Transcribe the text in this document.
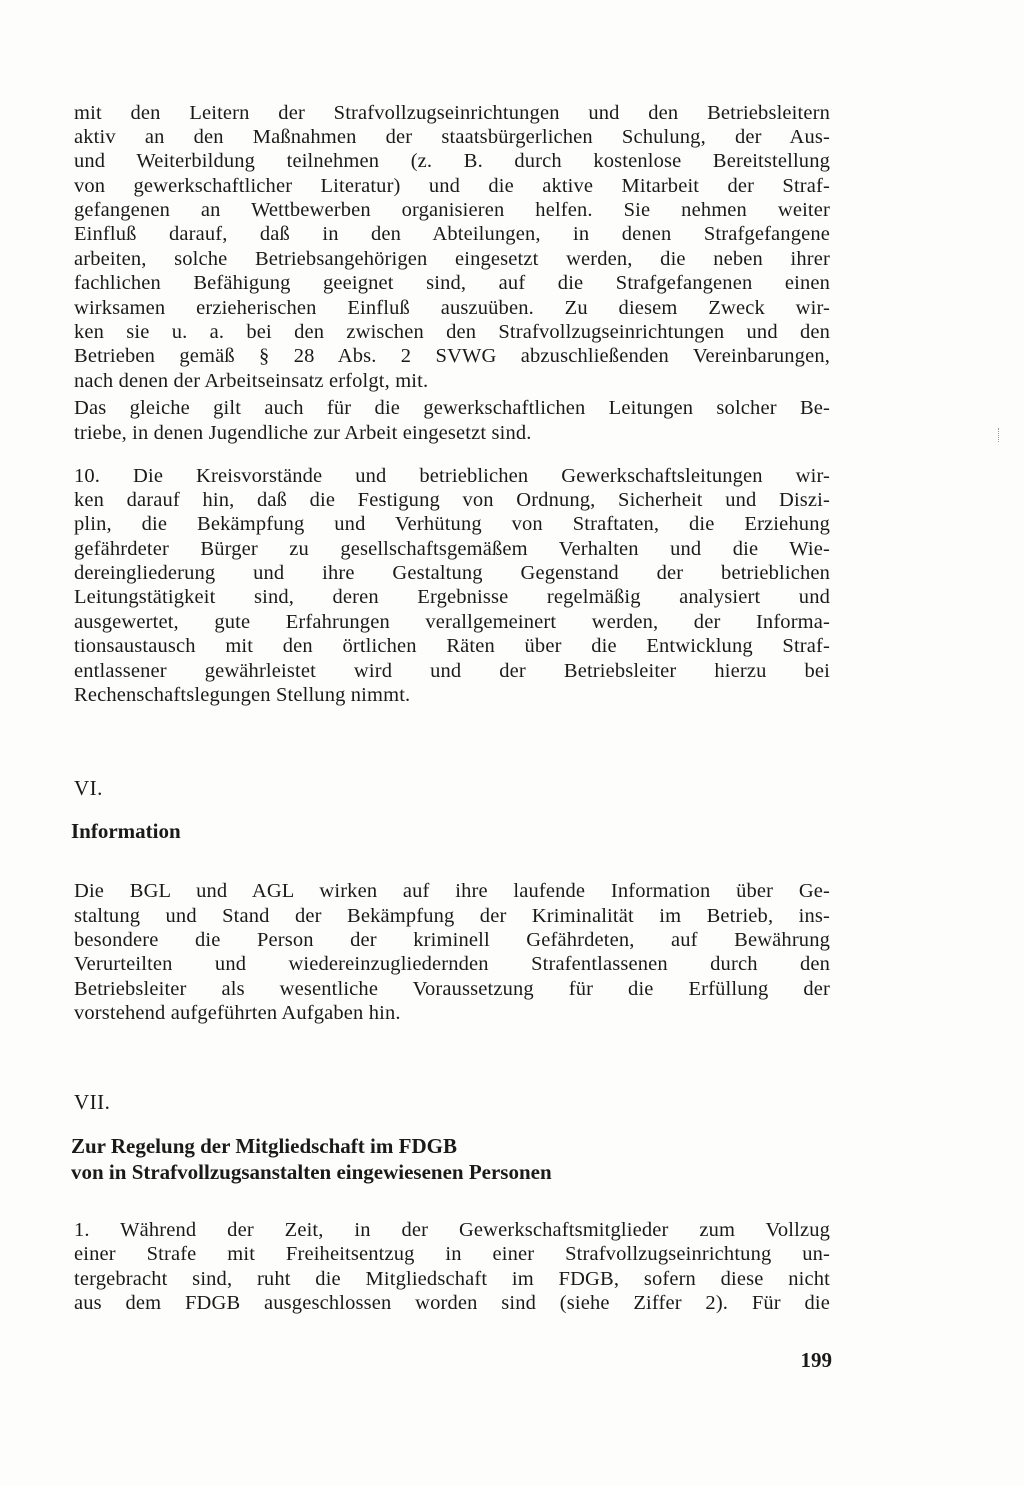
mit den Leitern der Strafvollzugseinrichtungen und den Betriebsleitern
aktiv an den Maßnahmen der staatsbürgerlichen Schulung, der Aus-
und Weiterbildung teilnehmen (z. B. durch kostenlose Bereitstellung
von gewerkschaftlicher Literatur) und die aktive Mitarbeit der Straf-
gefangenen an Wettbewerben organisieren helfen. Sie nehmen weiter
Einfluß darauf, daß in den Abteilungen, in denen Strafgefangene
arbeiten, solche Betriebsangehörigen eingesetzt werden, die neben ihrer
fachlichen Befähigung geeignet sind, auf die Strafgefangenen einen
wirksamen erzieherischen Einfluß auszuüben. Zu diesem Zweck wir-
ken sie u. a. bei den zwischen den Strafvollzugseinrichtungen und den
Betrieben gemäß § 28 Abs. 2 SVWG abzuschließenden Vereinbarungen,
nach denen der Arbeitseinsatz erfolgt, mit.
Das gleiche gilt auch für die gewerkschaftlichen Leitungen solcher Be-
triebe, in denen Jugendliche zur Arbeit eingesetzt sind.
10. Die Kreisvorstände und betrieblichen Gewerkschaftsleitungen wir-
ken darauf hin, daß die Festigung von Ordnung, Sicherheit und Diszi-
plin, die Bekämpfung und Verhütung von Straftaten, die Erziehung
gefährdeter Bürger zu gesellschaftsgemäßem Verhalten und die Wie-
dereingliederung und ihre Gestaltung Gegenstand der betrieblichen
Leitungstätigkeit sind, deren Ergebnisse regelmäßig analysiert und
ausgewertet, gute Erfahrungen verallgemeinert werden, der Informa-
tionsaustausch mit den örtlichen Räten über die Entwicklung Straf-
entlassener gewährleistet wird und der Betriebsleiter hierzu bei
Rechenschaftslegungen Stellung nimmt.
VI.
Information
Die BGL und AGL wirken auf ihre laufende Information über Ge-
staltung und Stand der Bekämpfung der Kriminalität im Betrieb, ins-
besondere die Person der kriminell Gefährdeten, auf Bewährung
Verurteilten und wiedereinzugliedernden Strafentlassenen durch den
Betriebsleiter als wesentliche Voraussetzung für die Erfüllung der
vorstehend aufgeführten Aufgaben hin.
VII.
Zur Regelung der Mitgliedschaft im FDGB
von in Strafvollzugsanstalten eingewiesenen Personen
1. Während der Zeit, in der Gewerkschaftsmitglieder zum Vollzug
einer Strafe mit Freiheitsentzug in einer Strafvollzugseinrichtung un-
tergebracht sind, ruht die Mitgliedschaft im FDGB, sofern diese nicht
aus dem FDGB ausgeschlossen worden sind (siehe Ziffer 2). Für die
199
